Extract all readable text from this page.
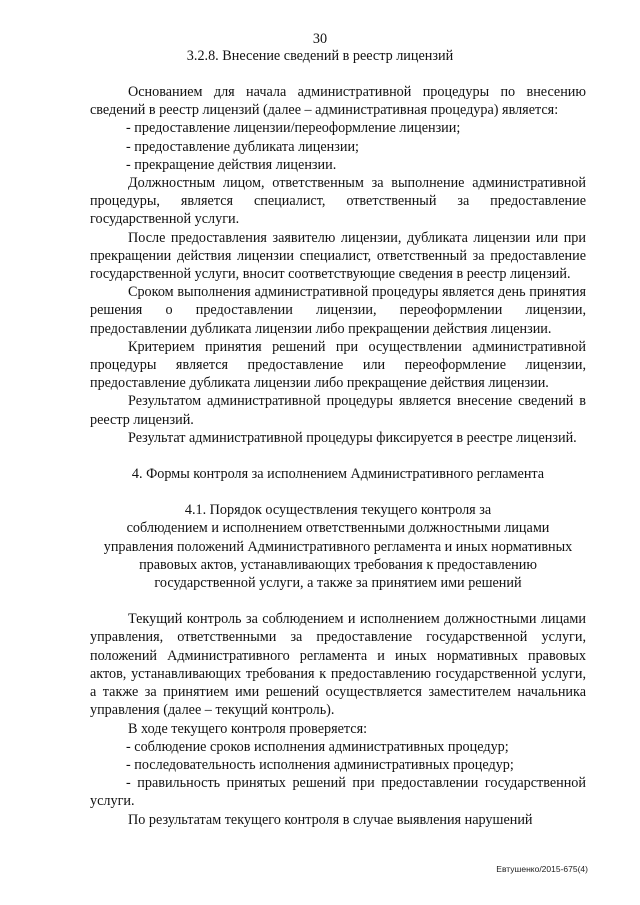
30
3.2.8. Внесение сведений в реестр лицензий

Основанием для начала административной процедуры по внесению сведений в реестр лицензий (далее – административная процедура) является:

- предоставление лицензии/переоформление лицензии;

- предоставление дубликата лицензии;

- прекращение действия лицензии.

Должностным лицом, ответственным за выполнение административной процедуры, является специалист, ответственный за предоставление государственной услуги.

После предоставления заявителю лицензии, дубликата лицензии или при прекращении действия лицензии специалист, ответственный за предоставление государственной услуги, вносит соответствующие сведения в реестр лицензий.

Сроком выполнения административной процедуры является день принятия решения о предоставлении лицензии, переоформлении лицензии, предоставлении дубликата лицензии либо прекращении действия лицензии.

Критерием принятия решений при осуществлении административной процедуры является предоставление или переоформление лицензии, предоставление дубликата лицензии либо прекращение действия лицензии.

Результатом административной процедуры является внесение сведений в реестр лицензий.

Результат административной процедуры фиксируется в реестре лицензий.

4. Формы контроля за исполнением Административного регламента

4.1. Порядок осуществления текущего контроля за
соблюдением и исполнением ответственными должностными лицами
управления положений Административного регламента и иных нормативных
правовых актов, устанавливающих требования к предоставлению
государственной услуги, а также за принятием ими решений

Текущий контроль за соблюдением и исполнением должностными лицами управления, ответственными за предоставление государственной услуги, положений Административного регламента и иных нормативных правовых актов, устанавливающих требования к предоставлению государственной услуги, а также за принятием ими решений осуществляется заместителем начальника управления (далее – текущий контроль).

В ходе текущего контроля проверяется:

- соблюдение сроков исполнения административных процедур;

- последовательность исполнения административных процедур;

- правильность принятых решений при предоставлении государственной услуги.

По результатам текущего контроля в случае выявления нарушений

Евтушенко/2015-675(4)
